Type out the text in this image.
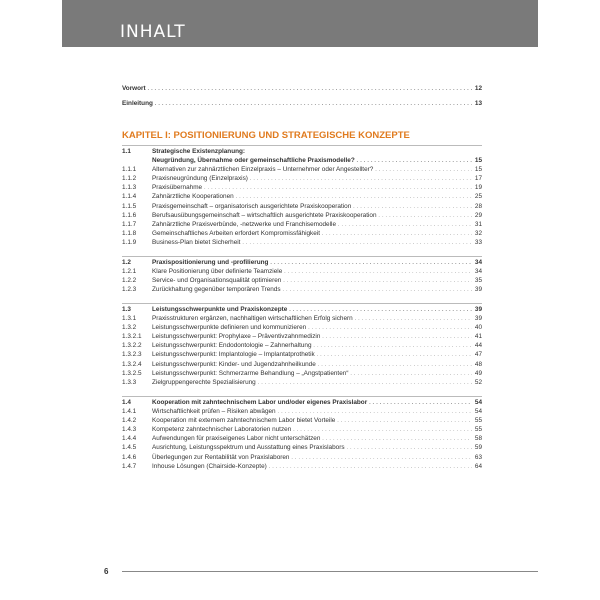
INHALT
Vorwort . . .	12
Einleitung . . .	13
KAPITEL I: POSITIONIERUNG UND STRATEGISCHE KONZEPTE
1.1	Strategische Existenzplanung:
Neugründung, Übernahme oder gemeinschaftliche Praxismodelle? . . .	15
1.1.1 Alternativen zur zahnärztlichen Einzelpraxis – Unternehmer oder Angestellter? . . .	15
1.1.2 Praxisneugründung (Einzelpraxis) . . .	17
1.1.3 Praxisübernahme . . .	19
1.1.4 Zahnärztliche Kooperationen . . .	25
1.1.5 Praxisgemeinschaft – organisatorisch ausgerichtete Praxiskooperation . . .	28
1.1.6 Berufsausübungsgemeinschaft – wirtschaftlich ausgerichtete Praxiskooperation . . .	29
1.1.7 Zahnärztliche Praxisverbünde, -netzwerke und Franchisemodelle . . .	31
1.1.8 Gemeinschaftliches Arbeiten erfordert Kompromissfähigkeit . . .	32
1.1.9 Business-Plan bietet Sicherheit . . .	33
1.2	Praxispositionierung und -profilierung . . .	34
1.2.1 Klare Positionierung über definierte Teamziele . . .	34
1.2.2 Service- und Organisationsqualität optimieren . . .	35
1.2.3 Zurückhaltung gegenüber temporären Trends . . .	39
1.3	Leistungsschwerpunkte und Praxiskonzepte . . .	39
1.3.1 Praxisstrukturen ergänzen, nachhaltigen wirtschaftlichen Erfolg sichern . . .	39
1.3.2 Leistungsschwerpunkte definieren und kommunizieren . . .	40
1.3.2.1 Leistungsschwerpunkt: Prophylaxe – Präventivzahnmedizin . . .	41
1.3.2.2 Leistungsschwerpunkt: Endodontologie – Zahnerhaltung . . .	44
1.3.2.3 Leistungsschwerpunkt: Implantologie – Implantatprothetik . . .	47
1.3.2.4 Leistungsschwerpunkt: Kinder- und Jugendzahnheilkunde . . .	48
1.3.2.5 Leistungsschwerpunkt: Schmerzarme Behandlung – „Angstpatienten“ . . .	49
1.3.3 Zielgruppengerechte Spezialisierung . . .	52
1.4	Kooperation mit zahntechnischem Labor und/oder eigenes Praxislabor . . .	54
1.4.1 Wirtschaftlichkeit prüfen – Risiken abwägen . . .	54
1.4.2 Kooperation mit externem zahntechnischem Labor bietet Vorteile . . .	55
1.4.3 Kompetenz zahntechnischer Laboratorien nutzen . . .	55
1.4.4 Aufwendungen für praxiseigenes Labor nicht unterschätzen . . .	58
1.4.5 Ausrichtung, Leistungsspektrum und Ausstattung eines Praxislabors . . .	59
1.4.6 Überlegungen zur Rentabilität von Praxislaboren . . .	63
1.4.7 Inhouse Lösungen (Chairside-Konzepte) . . .	64
6
